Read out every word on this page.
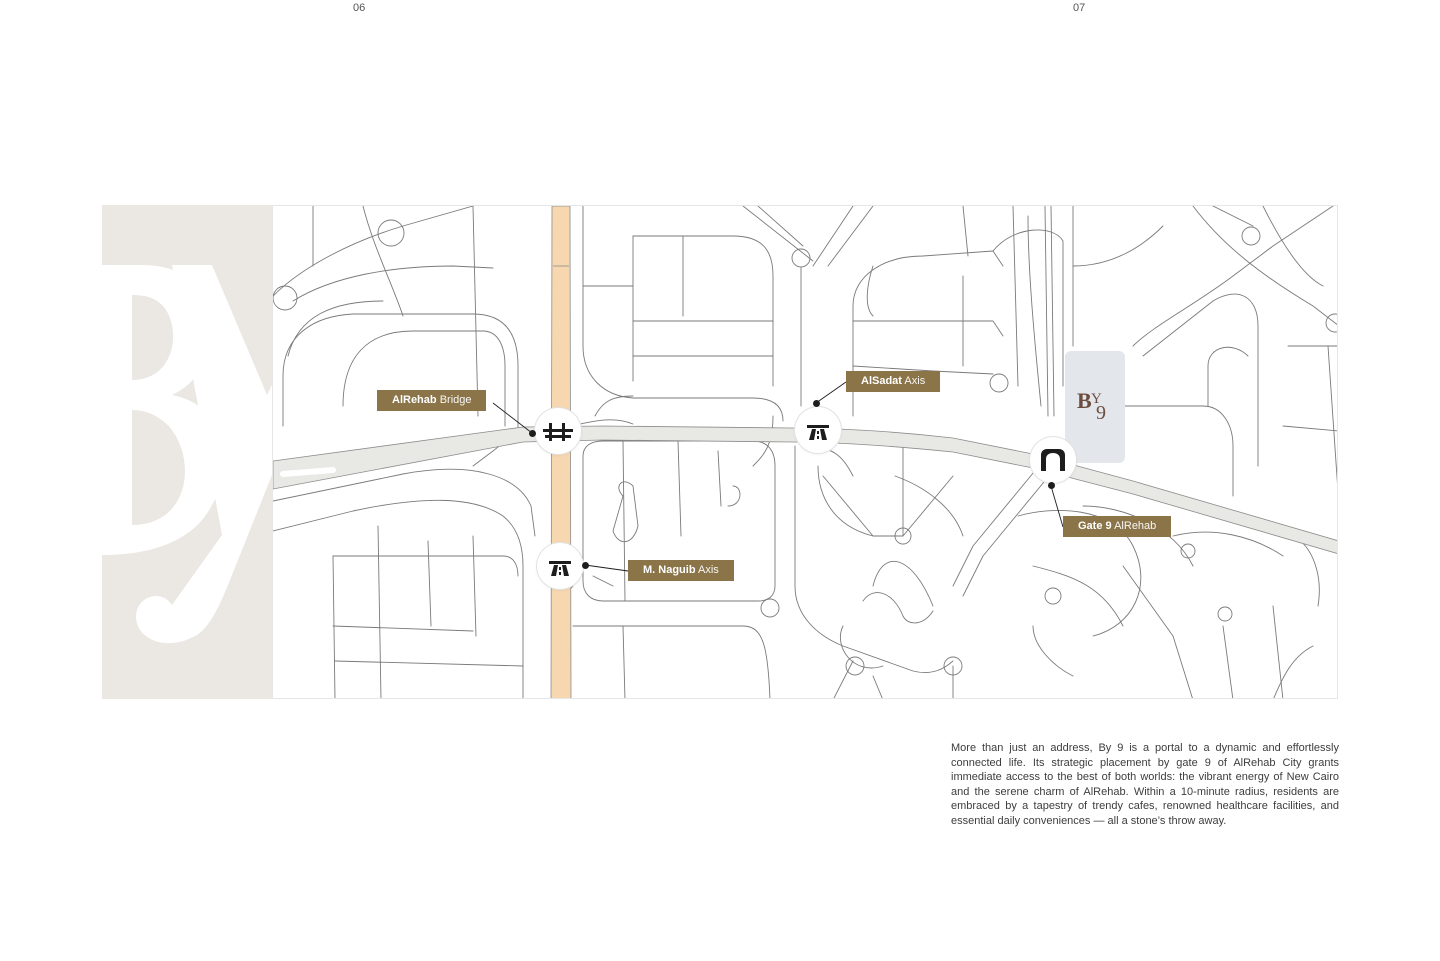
06	07
B Y
9
AlRehab Bridge
AlSadat Axis
M. Naguib Axis
Gate 9 AlRehab

More than just an address, By 9 is a portal to a dynamic and effortlessly connected life. Its strategic placement by gate 9 of AlRehab City grants immediate access to the best of both worlds: the vibrant energy of New Cairo and the serene charm of AlRehab. Within a 10-minute radius, residents are embraced by a tapestry of trendy cafes, renowned healthcare facilities, and essential daily conveniences — all a stone’s throw away.
